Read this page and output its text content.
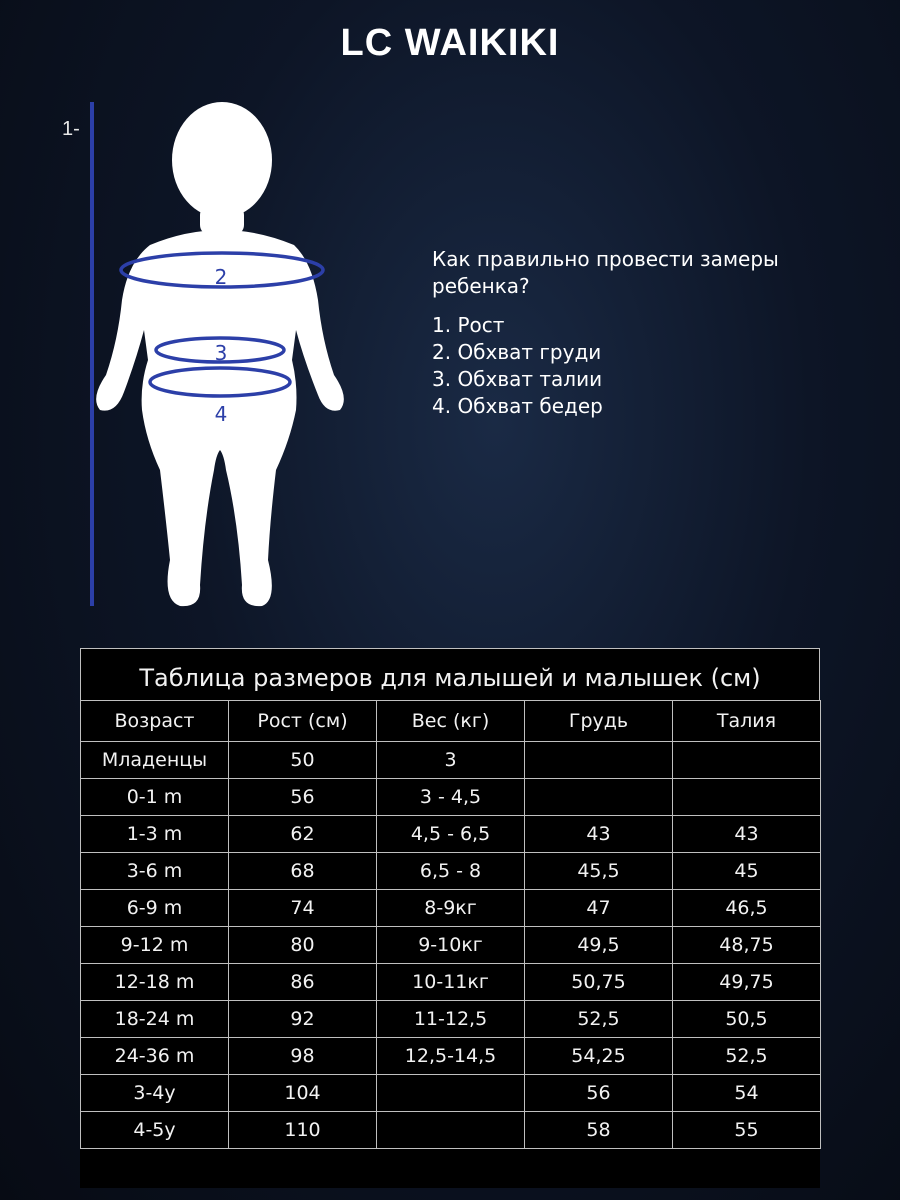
LC WAIKIKI
1-
2
3
4
Как правильно провести замеры ребенка?
1. Рост
2. Обхват груди
3. Обхват талии
4. Обхват бедер
Таблица размеров для малышей и малышек (см)
Возраст	Рост (см)	Вес (кг)	Грудь	Талия
Младенцы	50	3		
0-1 m	56	3 - 4,5		
1-3 m	62	4,5 - 6,5	43	43
3-6 m	68	6,5 - 8	45,5	45
6-9 m	74	8-9кг	47	46,5
9-12 m	80	9-10кг	49,5	48,75
12-18 m	86	10-11кг	50,75	49,75
18-24 m	92	11-12,5	52,5	50,5
24-36 m	98	12,5-14,5	54,25	52,5
3-4y	104		56	54
4-5y	110		58	55
